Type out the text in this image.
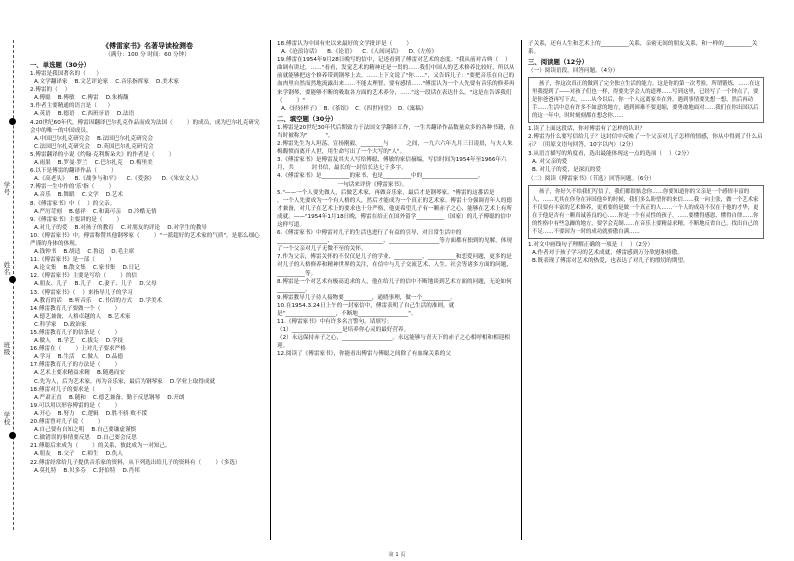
学号
姓名
班级
学校
《傅雷家书》名著导读检测卷
（满分：100 分 时间：60 分钟）
一、单选题（30分）

1.傅雷是我国著名的（      ）

A.文学翻译家    B.文艺评论家    C.音乐指挥家    D.美术家

2.傅雷的（    ）

A.傅聪    B.傅敏    C.傅雷    D.朱梅馥

3.作者主要精通的语言是（      ）

A.英语    B.德语    C.西班牙语    D.法语

4.20世纪60年代，傅雷因翻译巴尔扎克作品而成为法国（        ）的成员，成为巴尔扎克研究会中的唯一的中国成员。

A.中国巴尔扎克研究会    B.法国巴尔扎克研究会

C.法国巴尔扎克研究会    D.英国巴尔扎克研究会

5.傅雷翻译的小说《约翰·克利斯朵夫》的作者是（        ）

A.雨果    B.罗曼·罗兰    C.巴尔扎克    D.梅里美

6.以下是傅雷的翻译作品（        ）

A.《高老头》    B.《战争与和平》    C.《爱弥》    D.《朱安文人》

7.傅雷一生中作的'乐'指（        ）

A.音乐    B.舞蹈    C.文学    D.艺术

8.《傅雷家书》中（    ）的父亲。

A.严厉苛刻    B.慈祥    C.和蔼可亲    D.冷酷无情

9.《傅雷家书》主要讲的是（        ）

A.对儿子的爱    B.对孩子的教育    C.对朋友的评论    D.对学生的教导

10.《傅雷家书》中，傅雷称赞其他钢琴家（        ）"一派超好的艺术家的气质"，是那么细心严谨的身体的体现。

A.钱钟书    B.胡适    C.鲁迅    D.毛主席

11.《傅雷家书》是一部（        ）

A.论文集    B.散文集    C.家书集    D.日记

12.《傅雷家书》主要是写给（        ）的信

A.朋友、儿子    B.儿子    C.妻子、儿子    D.父母

13.《傅雷家书》（    ）来指导儿子的学习

A.教育的话    B.听音乐    C.书信的方式    D.学美术

14.傅雷教育儿子要做一个（        ）

A.德艺兼备，人格卓越的人    B.艺术家

C.科学家    D.政治家

15.傅雷教育儿子的信条是（        ）

A.做人    B.学艺    C.拔尖    D.学技

16.傅雷在（        ）上对儿子要求严格

A.学习    B.生活    C.做人    D.品德

17.傅雷教育儿子的方法是（        ）

A.艺术上要求精益求精    B.随遇而安

C.先为人，后为艺术家，再为音乐家，最后为钢琴家    D.学业上取得成就

18.傅雷对儿子的要求是（        ）

A.严肃正直    B.随和    C.德艺兼备、勤于反思钢琴    D.开朗

19.可以用以形容傅雷的是（        ）

A.开心    B.努力    C.逻辑    D.胜不骄 败不馁

20.傅雷曾对儿子说（        ）

A.自己要有自知之明    B.自己要谦虚谨慎

C.做错误的事情要反思    D.自己要会反思

21.傅聪后来成为（        ）的关系，彼此成为一对知己。

A.朋友    B.父子    C.师生    D.仇人

22.傅雷经常给儿子提供音乐家的资料，从下列选出给儿子的资料有（        ）（多选）

A.莫扎特    B.贝多芬    C.舒伯特    D.肖邦

18.傅雷认为中国有史以来最好的文学批评是（        ）

A.《沧浪诗话》    B.《论语》    C.《人间词话》    D.《左传》

19.傅雷在1954年9月28日晚写的信中，记述看到了傅雷对艺术的态度。"我从前对古典（    ）曲调有讲过，……"看看，发觉艺术的精神还是一贯的……我们中国人的艺术修养比较好，所以从前就能够把这个修养带到钢琴上去。……上下文说了"你……"，又告诉儿子："要把音乐在自己的血肉里自然而然地流露出来……不能太理智，要有感情……"傅雷认为一个人先要有音乐的修养再来学钢琴，要能够不断的吸取各方面的艺术养分，……"这一段话在表达什么。"这是在告诉我们（        ）"

A.《轻轻样子》  B.《茶馆》  C.《四世同堂》  D.《寓稿》

二、填空题（30分）

1.傅雷是20世纪30年代后期致力于法国文学翻译工作，一生共翻译作品数量众多的各种书籍，在当时被称为"          "。

2.傅雷先生为人坦荡，宣扬刚毅，________与          之间，一九六六年九月三日凌晨，与夫人朱梅馥愤而离开人世，用生命写出了一个大写的"人"。

3.《傅雷家书》是傅雷及其夫人写给傅聪、傅敏的家信摘编，写信时间为1954年至1966年六月，共          封书信，最长的一封信长达七千多字。

4.《傅雷家书》是__________的家书，也是__________中的____________________。

一句话来评价《傅雷家书》。

5."——一个人要先做人，后做艺术家，再做音乐家，最后才是钢琴家。"傅雷的这番话是          ，一个人先要成为一个有人格的人，然后才能成为一个真正的艺术家。傅雷十分强调青年人的德才兼备，对儿子在艺术上的要求也十分严格，他更希望儿子有一颗赤子之心，能够在艺术上有所成就。——"1954年1月18日晚，傅雷在给正在国外留学__________（国家）的儿子傅聪的信中这样写道。

6.《傅雷家书》中傅雷对儿子的生活也进行了有益的引导，对日常生活中的__________________、__________________、__________________等方面都有独到的见解，体现了一个父亲对儿子无微不至的关怀。

7.作为父亲，傅雷关怀的不仅仅是儿子的学业、__________、__________和恋爱问题，更多的是对儿子的人格修养和精神世界的关注，在信中与儿子交流艺术、人生、社会等诸多方面的问题，__________等。

8.傅雷是一个对艺术有极高追求的人，他在给儿子的信中不断地谈到艺术方面的问题，无论如何__________。

9.傅雷教导儿子待人接物要__________，通晓事理，做一个__________。

10.在1954.3.24日上午的一封家信中，傅雷表明了自己生活的准则，就是"__________________，不断地__________________"。

11.《傅雷家书》中有许多名言警句。请填写：

（1）__________________是培养你心灵的最好营养。

（2）永远保持赤子之心，__________________。永远能够与青天下的赤子之心相呼相和相迎相迎。

12.阅读了《傅雷家书》，你能看出傅雷与傅聪之间除了有血缘关系的父

子关系，还有人生和艺术上的__________关系，亲密无间的朋友关系，和一样的__________关系。

三、阅读题（12分）

（一）阅读语段，回答问题。（4分）

孩子，你这次真正的做到了完全独立生活的能力，这是你的第一次考验，所谓锻炼，……在这里我提到了——对孩子们也一样，得要先学会人的道理……写到这里，已经写了一个钟点了，要是你爸爸再写下去，……从今以后，你一个人远离家乡在外，遇到事情要先想一想，然后再动手……生活中总有许多不如意的地方，遇到困难不要退缩，要勇敢地面对……我们在你出国以后的这一年中，时时刻刻都在想念你……

1.读了上面这段话，你对傅雷有了怎样的认识？

2.傅雷为什么要写信给儿子？这封信中反映了一个父亲对儿子怎样的情感，你从中得到了什么启示？（用原文语句回答，10字以内）（2分）

3.从语言描写的角度看，选出最能体现这一点的选项（    ）（2分）

A. 对父亲的爱

B. 对儿子的爱，是深沉的爱

（二）阅读《傅雷家书》（节选）回答问题。（6分）
孩子，你好久不给我们写信了，我们都很惦念你……你要知道你的父亲是一个感情丰富的人，……尤其在你身在异国他乡的时候，我们多么盼望你的来信……我一向主张，做一个艺术家不仅要有丰富的艺术修养，更重要的是做一个真正的人……一个人的成功不仅在于他的才华，更在于他是否有一颗真诚善良的心……你是一个有灵性的孩子，……要懂得感恩、懂得自律……你的性格中有些急躁的地方，要学会克制……在音乐上要精益求精，不断地反省自己，找出自己的不足……不要因为一时的成功就骄傲自满……

1.对文中画线句子理解正确的一项是（    ）（2分）

A.作者对于孩子学习的艺术成就，傅雷感到万分欣慰和骄傲。

B.既表现了傅雷对艺术的热爱，也表达了对儿子的殷切的期望。

第 1 页
